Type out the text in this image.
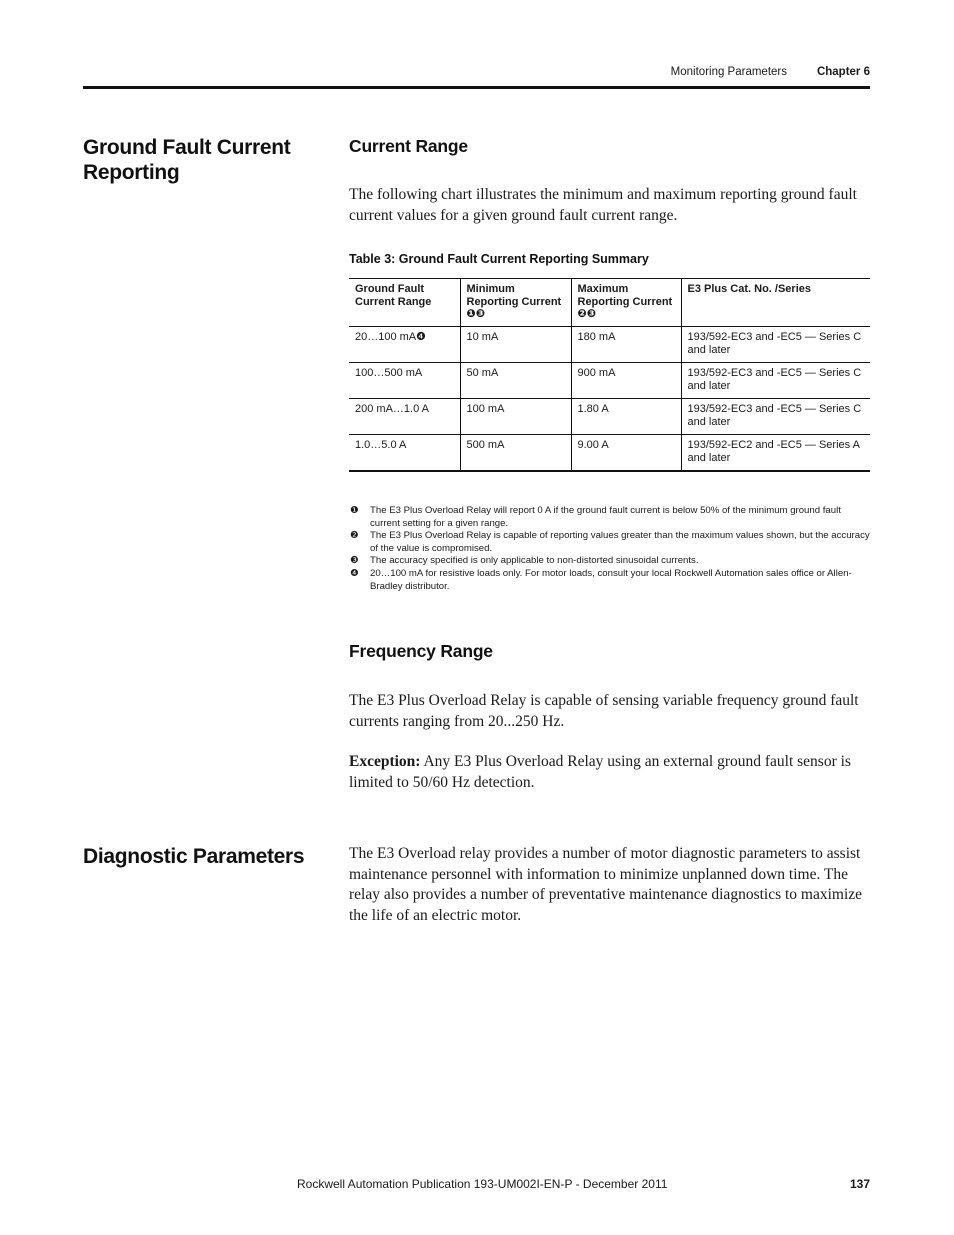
Monitoring Parameters	Chapter 6
Ground Fault Current Reporting
Current Range
The following chart illustrates the minimum and maximum reporting ground fault current values for a given ground fault current range.
Table 3: Ground Fault Current Reporting Summary
Ground Fault Current Range	Minimum Reporting Current ❶❸	Maximum Reporting Current ❷❸	E3 Plus Cat. No. /Series
20…100 mA❹	10 mA	180 mA	193/592-EC3 and -EC5 — Series C and later
100…500 mA	50 mA	900 mA	193/592-EC3 and -EC5 — Series C and later
200 mA…1.0 A	100 mA	1.80 A	193/592-EC3 and -EC5 — Series C and later
1.0…5.0 A	500 mA	9.00 A	193/592-EC2 and -EC5 — Series A and later
❶ The E3 Plus Overload Relay will report 0 A if the ground fault current is below 50% of the minimum ground fault current setting for a given range.
❷ The E3 Plus Overload Relay is capable of reporting values greater than the maximum values shown, but the accuracy of the value is compromised.
❸ The accuracy specified is only applicable to non-distorted sinusoidal currents.
❹ 20…100 mA for resistive loads only. For motor loads, consult your local Rockwell Automation sales office or Allen-Bradley distributor.
Frequency Range
The E3 Plus Overload Relay is capable of sensing variable frequency ground fault currents ranging from 20...250 Hz.
Exception: Any E3 Plus Overload Relay using an external ground fault sensor is limited to 50/60 Hz detection.
Diagnostic Parameters	The E3 Overload relay provides a number of motor diagnostic parameters to assist maintenance personnel with information to minimize unplanned down time. The relay also provides a number of preventative maintenance diagnostics to maximize the life of an electric motor.
Rockwell Automation Publication 193-UM002I-EN-P - December 2011	137
